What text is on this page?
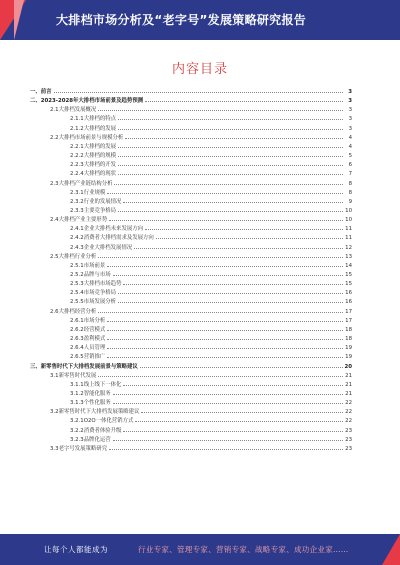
大排档市场分析及“老字号”发展策略研究报告
内容目录
一、前言	3
二、2023-2028年大排档市场前景及趋势预测	3
2.1大排档发展概况	3
2.1.1大排档的特点	3
2.1.2大排档的发展	3
2.2大排档市场前景与规模分析	4
2.2.1大排档的发展	4
2.2.2大排档的规模	5
2.2.3大排档的开发	6
2.2.4大排档的现状	7
2.3大排档产业链结构分析	8
2.3.1行业规模	8
2.3.2行业的发展情况	9
2.3.3主要竞争格局	10
2.4大排档产业主要形势	10
2.4.1企业大排档未来发展方向	11
2.4.2消费者大排档需求及发展方向	11
2.4.3企业大排档发展情况	12
2.5大排档行业分析	13
2.5.1市场前景	14
2.5.2品牌与市场	15
2.5.3大排档市场趋势	15
2.5.4市场竞争格局	16
2.5.5市场发展分析	16
2.6大排档经营分析	17
2.6.1市场分析	17
2.6.2经营模式	18
2.6.3盈利模式	18
2.6.4人员管理	19
2.6.5营销推广	19
三、新零售时代下大排档发展前景与策略建议	20
3.1新零售时代发展	21
3.1.1线上线下一体化	21
3.1.2智能化服务	21
3.1.3个性化服务	22
3.2新零售时代下大排档发展策略建议	22
3.2.1O2O一体化营销方式	22
3.2.2消费者体验升级	23
3.2.3品牌化运营	23
3.3老字号发展策略研究	23
让每个人都能成为	行业专家、管理专家、营销专家、战略专家、成功企业家……
